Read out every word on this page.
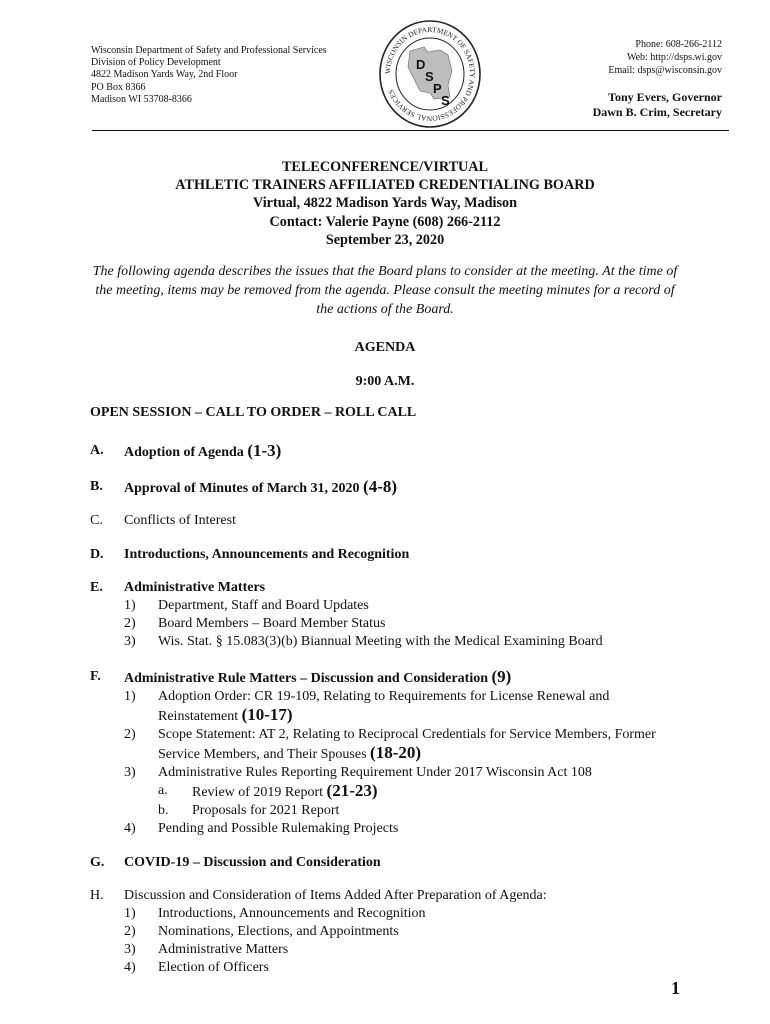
Wisconsin Department of Safety and Professional Services
Division of Policy Development
4822 Madison Yards Way, 2nd Floor
PO Box 8366
Madison WI 53708-8366
WISCONSIN DEPARTMENT OF SAFETY AND PROFESSIONAL SERVICES
D
S
P
S
Phone: 608-266-2112
Web: http://dsps.wi.gov
Email: dsps@wisconsin.gov
Tony Evers, Governor
Dawn B. Crim, Secretary
TELECONFERENCE/VIRTUAL
ATHLETIC TRAINERS AFFILIATED CREDENTIALING BOARD
Virtual, 4822 Madison Yards Way, Madison
Contact: Valerie Payne (608) 266-2112
September 23, 2020
The following agenda describes the issues that the Board plans to consider at the meeting. At the time of the meeting, items may be removed from the agenda. Please consult the meeting minutes for a record of the actions of the Board.
AGENDA
9:00 A.M.
OPEN SESSION – CALL TO ORDER – ROLL CALL
A.	Adoption of Agenda (1-3)
B.	Approval of Minutes of March 31, 2020 (4-8)
C.	Conflicts of Interest
D.	Introductions, Announcements and Recognition
E.	Administrative Matters
1) Department, Staff and Board Updates
2) Board Members – Board Member Status
3) Wis. Stat. § 15.083(3)(b) Biannual Meeting with the Medical Examining Board
F.	Administrative Rule Matters – Discussion and Consideration (9)
1) Adoption Order: CR 19-109, Relating to Requirements for License Renewal and Reinstatement (10-17)
2) Scope Statement: AT 2, Relating to Reciprocal Credentials for Service Members, Former Service Members, and Their Spouses (18-20)
3) Administrative Rules Reporting Requirement Under 2017 Wisconsin Act 108
a. Review of 2019 Report (21-23)
b. Proposals for 2021 Report
4) Pending and Possible Rulemaking Projects
G.	COVID-19 – Discussion and Consideration
H.	Discussion and Consideration of Items Added After Preparation of Agenda:
1) Introductions, Announcements and Recognition
2) Nominations, Elections, and Appointments
3) Administrative Matters
4) Election of Officers
1
